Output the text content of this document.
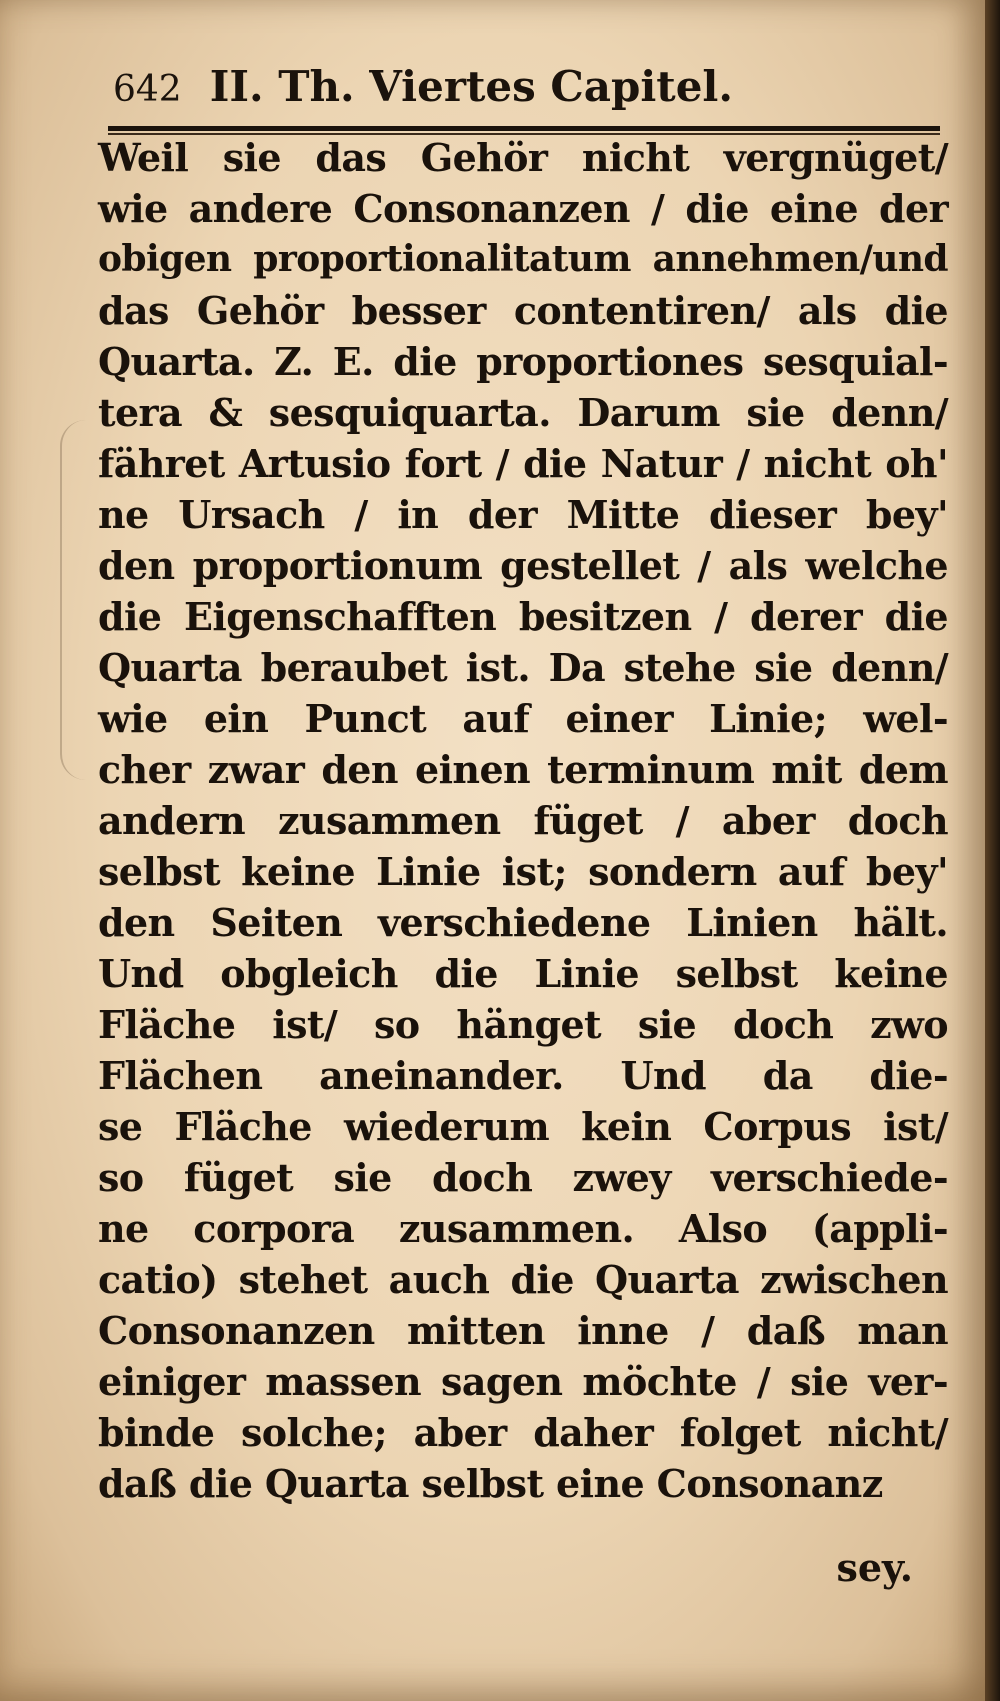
642 II. Th. Viertes Capitel.
Weil sie das Gehör nicht vergnüget/
wie andere Consonanzen / die eine der
obigen proportionalitatum annehmen/und
das Gehör besser contentiren/ als die
Quarta. Z. E. die proportiones sesquial-
tera & sesquiquarta. Darum sie denn/
fähret Artusio fort / die Natur / nicht oh'
ne Ursach / in der Mitte dieser bey'
den proportionum gestellet / als welche
die Eigenschafften besitzen / derer die
Quarta beraubet ist. Da stehe sie denn/
wie ein Punct auf einer Linie; wel-
cher zwar den einen terminum mit dem
andern zusammen füget / aber doch
selbst keine Linie ist; sondern auf bey'
den Seiten verschiedene Linien hält.
Und obgleich die Linie selbst keine
Fläche ist/ so hänget sie doch zwo
Flächen aneinander. Und da die-
se Fläche wiederum kein Corpus ist/
so füget sie doch zwey verschiede-
ne corpora zusammen. Also (appli-
catio) stehet auch die Quarta zwischen
Consonanzen mitten inne / daß man
einiger massen sagen möchte / sie ver-
binde solche; aber daher folget nicht/
daß die Quarta selbst eine Consonanz
sey.
